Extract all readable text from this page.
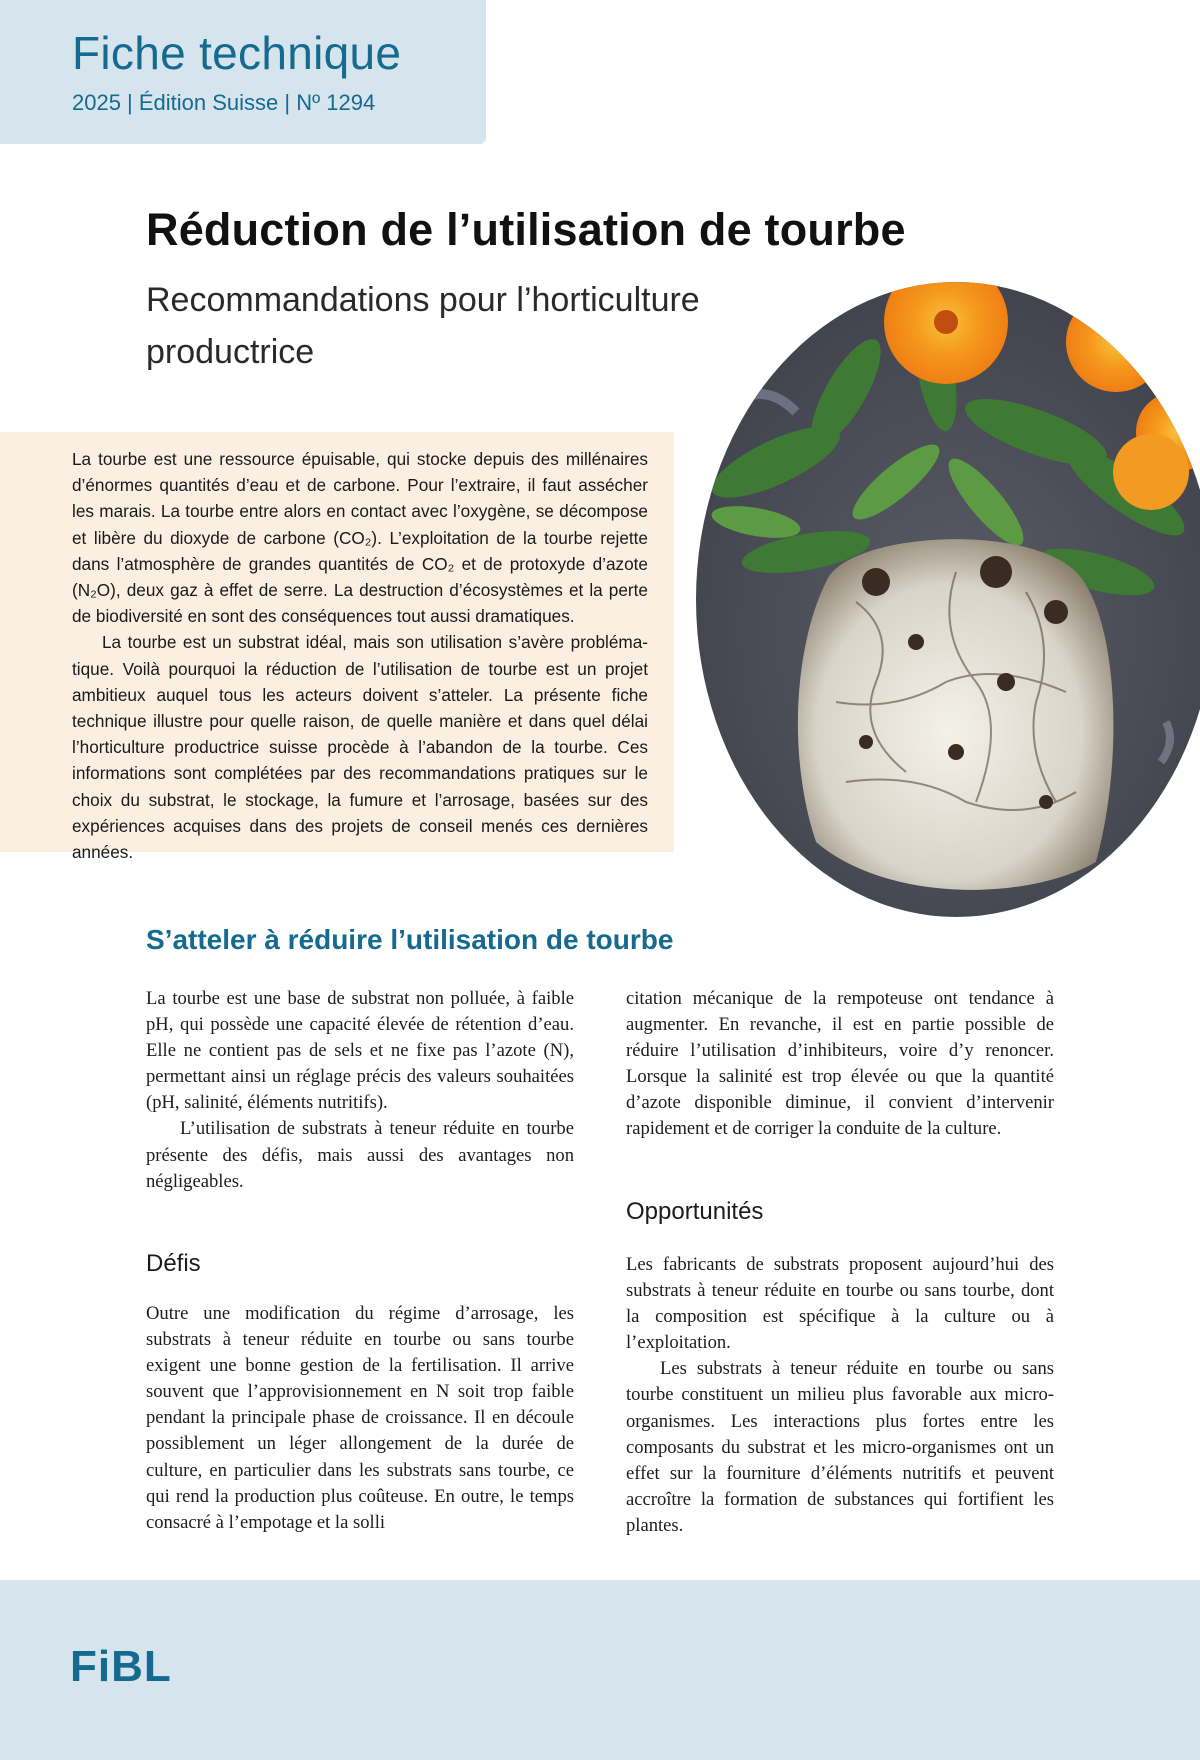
Fiche technique
2025 | Édition Suisse | Nº 1294
Réduction de l’utilisation de tourbe
Recommandations pour l’horticulture productrice

La tourbe est une ressource épuisable, qui stocke depuis des millénaires d’énormes quantités d’eau et de carbone. Pour l’extraire, il faut assécher les marais. La tourbe entre alors en contact avec l’oxygène, se décompose et libère du dioxyde de carbone (CO₂). L’exploitation de la tourbe rejette dans l’atmosphère de grandes quantités de CO₂ et de protoxyde d’azote (N₂O), deux gaz à effet de serre. La destruction d’écosystèmes et la perte de biodiversité en sont des conséquences tout aussi dramatiques.

La tourbe est un substrat idéal, mais son utilisation s’avère problématique. Voilà pourquoi la réduction de l’utilisation de tourbe est un projet ambitieux auquel tous les acteurs doivent s’atteler. La présente fiche technique illustre pour quelle raison, de quelle manière et dans quel délai l’horticulture productrice suisse procède à l’abandon de la tourbe. Ces informations sont complétées par des recommandations pratiques sur le choix du substrat, le stockage, la fumure et l’arrosage, basées sur des expériences acquises dans des projets de conseil menés ces dernières années.

S’atteler à réduire l’utilisation de tourbe

La tourbe est une base de substrat non polluée, à faible pH, qui possède une capacité élevée de rétention d’eau. Elle ne contient pas de sels et ne fixe pas l’azote (N), permettant ainsi un réglage précis des valeurs souhaitées (pH, salinité, éléments nutritifs).

L’utilisation de substrats à teneur réduite en tourbe présente des défis, mais aussi des avantages non négligeables.

Défis

Outre une modification du régime d’arrosage, les substrats à teneur réduite en tourbe ou sans tourbe exigent une bonne gestion de la fertilisation. Il arrive souvent que l’approvisionnement en N soit trop faible pendant la principale phase de croissance. Il en découle possiblement un léger allongement de la durée de culture, en particulier dans les substrats sans tourbe, ce qui rend la production plus coûteuse. En outre, le temps consacré à l’empotage et la solli

citation mécanique de la rempoteuse ont tendance à augmenter. En revanche, il est en partie possible de réduire l’utilisation d’inhibiteurs, voire d’y renoncer. Lorsque la salinité est trop élevée ou que la quantité d’azote disponible diminue, il convient d’intervenir rapidement et de corriger la conduite de la culture.

Opportunités

Les fabricants de substrats proposent aujourd’hui des substrats à teneur réduite en tourbe ou sans tourbe, dont la composition est spécifique à la culture ou à l’exploitation.

Les substrats à teneur réduite en tourbe ou sans tourbe constituent un milieu plus favorable aux micro-organismes. Les interactions plus fortes entre les composants du substrat et les micro-organismes ont un effet sur la fourniture d’éléments nutritifs et peuvent accroître la formation de substances qui fortifient les plantes.

FiBL
